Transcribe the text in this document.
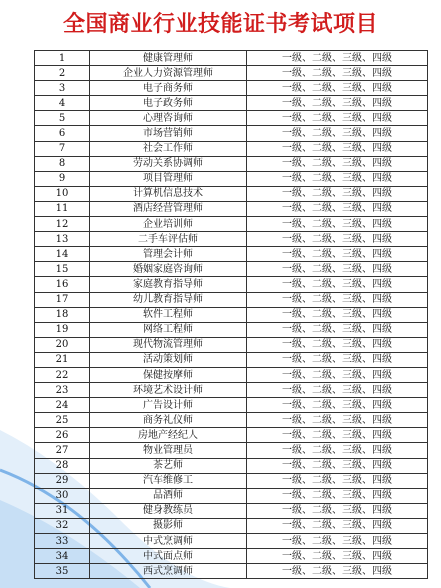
全国商业行业技能证书考试项目
1	健康管理师	一级、二级、三级、四级
2	企业人力资源管理师	一级、二级、三级、四级
3	电子商务师	一级、二级、三级、四级
4	电子政务师	一级、二级、三级、四级
5	心理咨询师	一级、二级、三级、四级
6	市场营销师	一级、二级、三级、四级
7	社会工作师	一级、二级、三级、四级
8	劳动关系协调师	一级、二级、三级、四级
9	项目管理师	一级、二级、三级、四级
10	计算机信息技术	一级、二级、三级、四级
11	酒店经营管理师	一级、二级、三级、四级
12	企业培训师	一级、二级、三级、四级
13	二手车评估师	一级、二级、三级、四级
14	管理会计师	一级、二级、三级、四级
15	婚姻家庭咨询师	一级、二级、三级、四级
16	家庭教育指导师	一级、二级、三级、四级
17	幼儿教育指导师	一级、二级、三级、四级
18	软件工程师	一级、二级、三级、四级
19	网络工程师	一级、二级、三级、四级
20	现代物流管理师	一级、二级、三级、四级
21	活动策划师	一级、二级、三级、四级
22	保健按摩师	一级、二级、三级、四级
23	环境艺术设计师	一级、二级、三级、四级
24	广告设计师	一级、二级、三级、四级
25	商务礼仪师	一级、二级、三级、四级
26	房地产经纪人	一级、二级、三级、四级
27	物业管理员	一级、二级、三级、四级
28	茶艺师	一级、二级、三级、四级
29	汽车维修工	一级、二级、三级、四级
30	品酒师	一级、二级、三级、四级
31	健身教练员	一级、二级、三级、四级
32	摄影师	一级、二级、三级、四级
33	中式烹调师	一级、二级、三级、四级
34	中式面点师	一级、二级、三级、四级
35	西式烹调师	一级、二级、三级、四级
